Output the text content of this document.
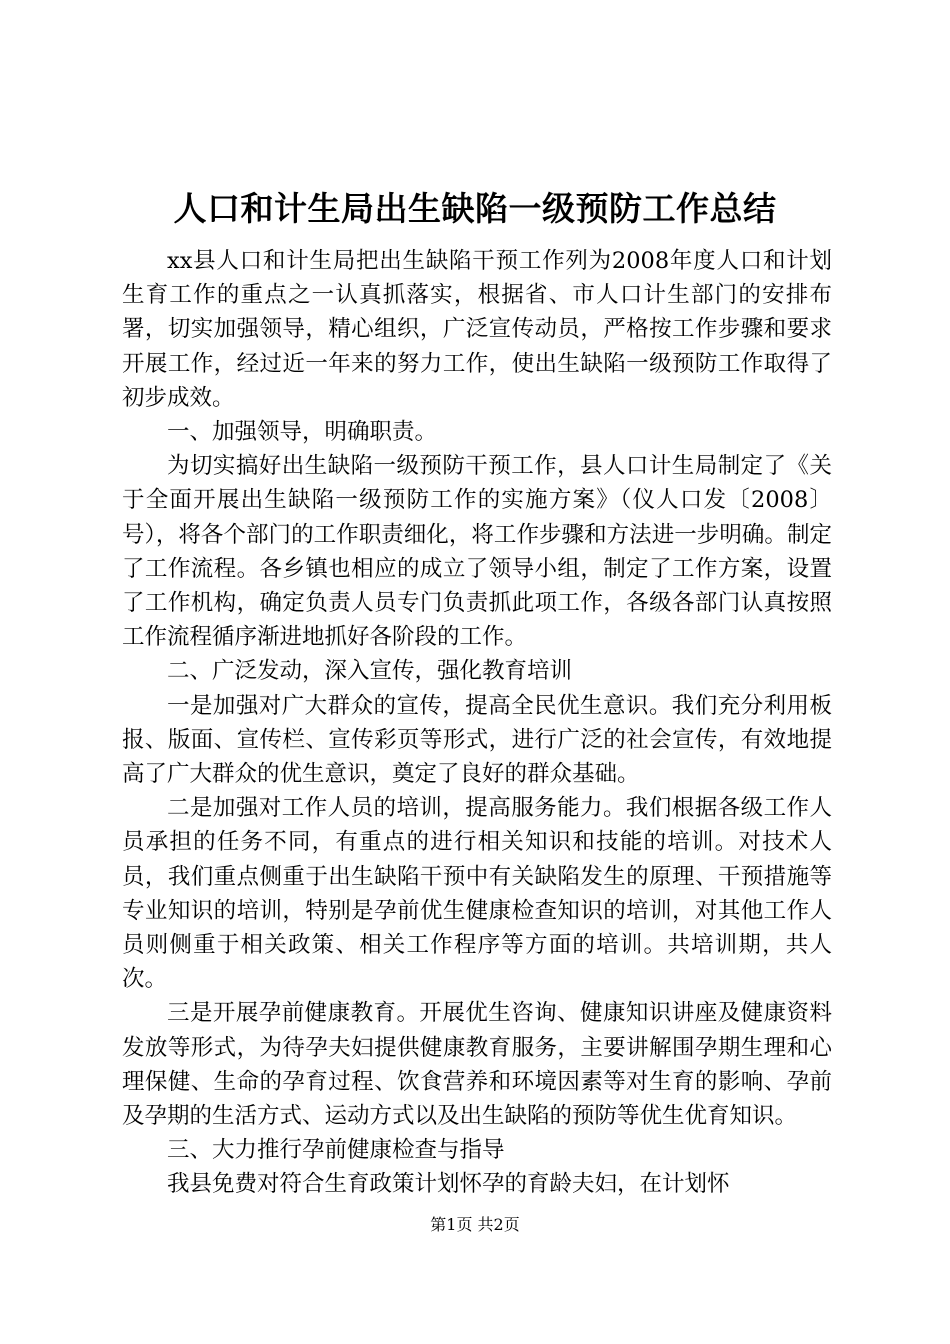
人口和计生局出生缺陷一级预防工作总结

xx县人口和计生局把出生缺陷干预工作列为2008年度人口和计划生育工作的重点之一认真抓落实，根据省、市人口计生部门的安排布署，切实加强领导，精心组织，广泛宣传动员，严格按工作步骤和要求开展工作，经过近一年来的努力工作，使出生缺陷一级预防工作取得了初步成效。

一、加强领导，明确职责。

为切实搞好出生缺陷一级预防干预工作，县人口计生局制定了《关于全面开展出生缺陷一级预防工作的实施方案》（仪人口发〔2008〕号），将各个部门的工作职责细化，将工作步骤和方法进一步明确。制定了工作流程。各乡镇也相应的成立了领导小组，制定了工作方案，设置了工作机构，确定负责人员专门负责抓此项工作，各级各部门认真按照工作流程循序渐进地抓好各阶段的工作。

二、广泛发动，深入宣传，强化教育培训

一是加强对广大群众的宣传，提高全民优生意识。我们充分利用板报、版面、宣传栏、宣传彩页等形式，进行广泛的社会宣传，有效地提高了广大群众的优生意识，奠定了良好的群众基础。

二是加强对工作人员的培训，提高服务能力。我们根据各级工作人员承担的任务不同，有重点的进行相关知识和技能的培训。对技术人员，我们重点侧重于出生缺陷干预中有关缺陷发生的原理、干预措施等专业知识的培训，特别是孕前优生健康检查知识的培训，对其他工作人员则侧重于相关政策、相关工作程序等方面的培训。共培训期，共人次。

三是开展孕前健康教育。开展优生咨询、健康知识讲座及健康资料发放等形式，为待孕夫妇提供健康教育服务，主要讲解围孕期生理和心理保健、生命的孕育过程、饮食营养和环境因素等对生育的影响、孕前及孕期的生活方式、运动方式以及出生缺陷的预防等优生优育知识。

三、大力推行孕前健康检查与指导

我县免费对符合生育政策计划怀孕的育龄夫妇，在计划怀

第1页 共2页
